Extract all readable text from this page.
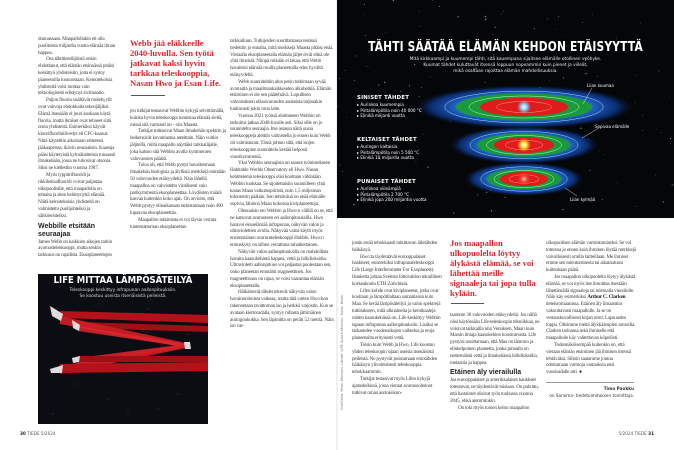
dunnassaan. Maapallollakin eti olla puolitoista miljardia vuotta elämää ilman happea.

Osa tähtitieteilijöistä onkin ehdottanut, että elämän etsinnässä pitäisi keskittyä yhdisteisiin, joita ei synny planeetoilla luonnostaan. Keinotekoisia yhdisteitä voisi tuottaa vain teknologisesti edistynyt sivilisaatio.

Paljon fluoria sisältävät molekyylit ovat vahvoja ehdokkaita teknojäljiksi. Elämä itsessään ei juuri koskaan käytä fluoria, mutta ihmiset ovat tehneet siitä omia yhdisteitä. Esimerkiksi käyvät kloorifluorihiilivedyt eli CFC-kaasut. Niitä käytettiin aikoinaan eristeenä jääkaapeissa, ikävin seurauksin. Kaasuja pääsi käytetyistä kylmälaitteista runsaasti ilmakehään, jossa ne tuhosivat otsonia. Siksi ne kiellettiin vuonna 1987.

Myös typpitrifluoridi ja rikkiheksafluoridi voivat paljastaa ulkopuolisille, että maapallolla on tehtaita ja siten kehittynyttä elämää. Näitä keinotekoisia yhdisteitä on valmistettu puolijohteiksi ja sähköeristeiksi.

Webbille etsitään seuraajaa

James Webb on kaikkien aikojen tarkin avaruusteleskooppi, mutta senkin tarkkuus on rajallista. Eksoplaneettojen

Webb jää eläkkeelle 2040-luvulla. Sen työtä jatkavat kaksi hyvin tarkkaa teleskooppia, Nasan Hwo ja Esan Life.

jen tutkijat testasivat Webbin kykyjä selvittämällä, kuinka hyvin teleskooppi tunnistaa elämää sieltä, missä sitä varmasti on – siis Maasta.

Tutkijat mittasivat Maan ilmakehän spektrin ja heikensivät kuvanlaatua asteittain. Näin voitiin jäljitellä, miltä maapallo näyttäisi tarkkailijalle, joka katsoo sitä Webbin avulla kymmenien valovuosien päästä.

Tulos oli, että Webb pystyi havaitsemaan ilmakehän biologisia ja älyllisiä merkkejä enintään 50 valovuoden etäisyydeltä. Näin lähellä maapalloa on vahvistettu virallisesti vain parikymmentä eksoplaneettaa. Löydösten määrä kasvaa kuitenkin koko ajan. On arvioitu, että Webb pystyy elinaikanaan tarkistamaan noin 400 lupaavaa eksoplaneettaa.

Maapallon tutkimista ei voi täysin verrata tuntemattoman eksoplaneetan

tarkkailuun. Tutkijoiden suorittamassa testissä tiedettiin jo ennalta, mitä merkkejä Maasta pitäisi etsiä. Vieraalla eksoplaneetalla elämän jäljet eivät ehkä ole yhtä ilmeisiä. Niinpä mikään ei takaa, että Webb havaitsisi elämää muilla planeetoilla edes hyvältä etäisyydeltä.

Webb suunniteltiin alun perin tutkimaan syvää avaruutta ja maailmankaikkeuden alkuhetkiä. Elämän etsiminen ei ole sen päätehtävä. Lopullisen vahvistuksen ulkoavaruuden asukeista tarjoaakin luultavasti jokin muu laite.

Vuonna 2021 työnsä aloittaneen Webbin on tarkoitus jatkaa 2040-luvulle asti. Siksi sille on jo suunniteltu seuraajia. Itse asiassa näitä uusia teleskooppeja alettiin valmistella jo ennen kuin Webb oli valmistunut. Tämä johtuu siitä, että isojen teleskooppien suunnittelu kestää helposti vuosikymmeniä.

Yksi Webbin seuraajista on saanut työnimekseen Habitable Worlds Observatory eli Hwo. Nasan kehittelemä teleskooppi olisi kooltaan vähintään Webbin luokkaa. Se sijoitettaisiin suunnilleen yhtä kauas Maan vaikutuspiiristä, noin 1,5 miljoonan kilometrin päähän. Sen tehtävänä on etsiä elämälle sopivia, lähinnä Maan kokoisia kiviplaneettoja.

Olennaisin ero Webbin ja Hwo:n välillä on se, että ne katsovat avaruuteen eri aallonpituuksilla. Hwo haravoi eksoelämää infrapunan, näkyvän valon ja ultraviolettien avulla. Näkyvää valoa käytti myös ensimmäinen avaruusteleskooppi Hubble. Hwo:n erotuskyky on siihen verrattuna tuhatkertainen.

Näkyvän valon aallonpituuksilla on mahdollista havaita kaasukehästä happea, vettä ja hiilidioksidia. Ultravioletti aallonpituus voi paljastaa puolestaan sen, onko planeetan emotähti magneettinen. Jos magneettisuus on rajua, se voisi vaarantaa elämän eksoplaneetalla.

Häikäisevät tähdet tekevät näkyvän valon havainnoinnista vaikeaa, mutta tätä varten Hwo:hon rakennetaan tavattoman iso ja herkkä varjostin. Kun se avataan kiertoradalla, syntyy rullasta jättimäinen auringonkukka. Sen läpimitta on peräti 52 metriä. Näin iso var-

LIFE MITTAA LÄMPÖSÄTEILYÄ
Teleskooppi keskittyy infrapunan aallonpituuksiin.
Se koostuu useista itsenäisistä peileistä.
30 TIEDE 5/2024
TÄHTI SÄÄTÄÄ ELÄMÄN KEHDON ETÄISYYTTÄ
Mitä kirkkaampi ja kuumempi tähti, sitä kauempana sijaitsee elämälle otollinen vyöhyke.
Kuumat tähdet kuluttavat itsensä loppuun nopeammin kuin pienet ja viileät,
mikä osaltaan rajoittaa elämän mahdollisuuksia.
SINISET TÄHDET
▸ Aurinkoa kuumempia
▸ Pintalämpötila noin 40 000 °C
▸ Elinikä miljardi vuotta
KELTAISET TÄHDET
▸ Auringon kaltaisia
▸ Pintalämpötila noin 5 500 °C
▸ Elinikä 10 miljardia vuotta
PUNAISET TÄHDET
▸ Aurinkoa viileämpiä
▸ Pintalämpötila 2 700 °C
▸ Elinikä jopa 200 miljardia vuotta
Liian kuumaa
Sopivaa elämälle
Liian kylmää
Grafiikka: Peter Mohsen. Lähde: LIFE Space Mission. Kuva: Nasa

jostin estää tehokkaasti tutkittavan lähitähden häikäisyä.

Hwo:ta täydentävät eurooppalaiset hankkeet, esimerkiksi infrapunateleskooppi Life (Large Interferometer For Exoplanets). Hanketta johtaa Sveitsin liittovaltion teknillinen korkeakoulu ETH Zürichissä.

Lifen kohde ovat kiviplaneetat, jotka ovat kooltaan ja lämpötilaltaan samanlaisia kuin Maa. Se kerää lämpösäteilyä ja valon spektrejä tutkitakseen, mitä alkuaineita ja kemikaaleja niiden kaasukehässä on. Life keskittyy Webbin tapaan infrapunan aallonpituuksiin. Lisäksi se tarkastelee vuodenaikojen vaihtelua ja eroja planeetoilta erityisesti vettä.

Toisin kuin Webb ja Hwo, Life koostuu yhden teleskoopin sijaan useista itsenäisistä peileistä. Ne pystyvät poistamaan emotähden häikäisyn ylivoittoisesti teleskooppia tehokkaammin.

Tutkijat testasivat myös Lifen kykyjä ajatusleikissä, jossa vieraat avaruusolennot tutkivat omaa aurinkokun-

Jos maapallon ulkopuolelta löytyy älykästä elämää, se voi lähettää meille signaaleja tai jopa tulla kylään.

taamme 30 valovuoden etäisyydeltä. Jos niillä olisi käytössään Life-teleskoopin tekniikkaa, ne voisivat tarkkailla niin Venuksen, Maan kuin Marsin ilmaja kaasukehien koostumusta. Life pystyisi osoittamaan, että Maa on lämmin ja elinkelpoinen planeetta, jonka pinnalla on nestemäistä vettä ja ilmakehässä hiilidioksidia, metaania ja happea.

Etäinen äly vierailulla

Jos eurooppalaiset ja amerikkalaiset hankkeet toteutuvat, ne täydentävät toisiaan. On puhuttu, että luotaimet olisivat työn touhussa vuonna 2045, ehkä aiemminkin.

On toki myös toinen keino maapallon

ulkopuolisen elämän varmistamiseksi. Se voi toteutua jo ennen kuin ihminen löytää merkkejä vaivalloisesti omilla laitteillaan. Me ihmiset emme sen toteutumisesta tai aikataulusta kuitenkaan päätä.

Jos maapallon ulkopuolelta löytyy älykästä elämää, se voi myös itse ilmoittaa itsestään lähettämällä signaaleja tai tulemalla vierailulle. Näin käy esimerkiksi Arthur C. Clarken tieteisromaanissa. Etäinen äly ilmaantuu vakuuttavasti maapallolle. Ja se on vertauskuvallisesti kirjan nimi: Lapsuuden loppu. Olisimme meitä älykkäämpien armoilla. Clarken tarinassa sekä ihmiselle että maapallolle käy valitettavan köpelösti.

Todennäköisempää kuitenkin on, että vieraan elämän etsiminen jää ihmisen itsensä tehtäväksi. Silloin saatamme joutua odottamaan varmoja vastauksia ensi vuosisadalle asti. ●

Timo Paukku
on Sanoma- tiedetoimituksen toimittaja.
5/2024 TIEDE 31
